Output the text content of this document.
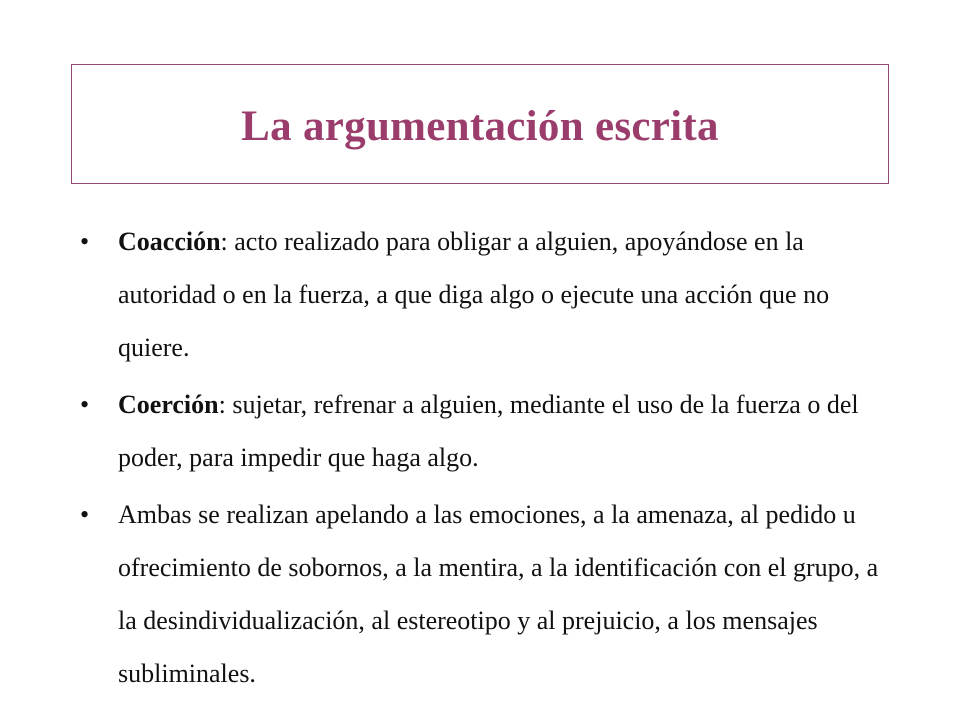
La argumentación escrita
• Coacción: acto realizado para obligar a alguien, apoyándose en la autoridad o en la fuerza, a que diga algo o ejecute una acción que no quiere.
• Coerción: sujetar, refrenar a alguien, mediante el uso de la fuerza o del poder, para impedir que haga algo.
• Ambas se realizan apelando a las emociones, a la amenaza, al pedido u ofrecimiento de sobornos, a la mentira, a la identificación con el grupo, a la desindividualización, al estereotipo y al prejuicio, a los mensajes subliminales.
